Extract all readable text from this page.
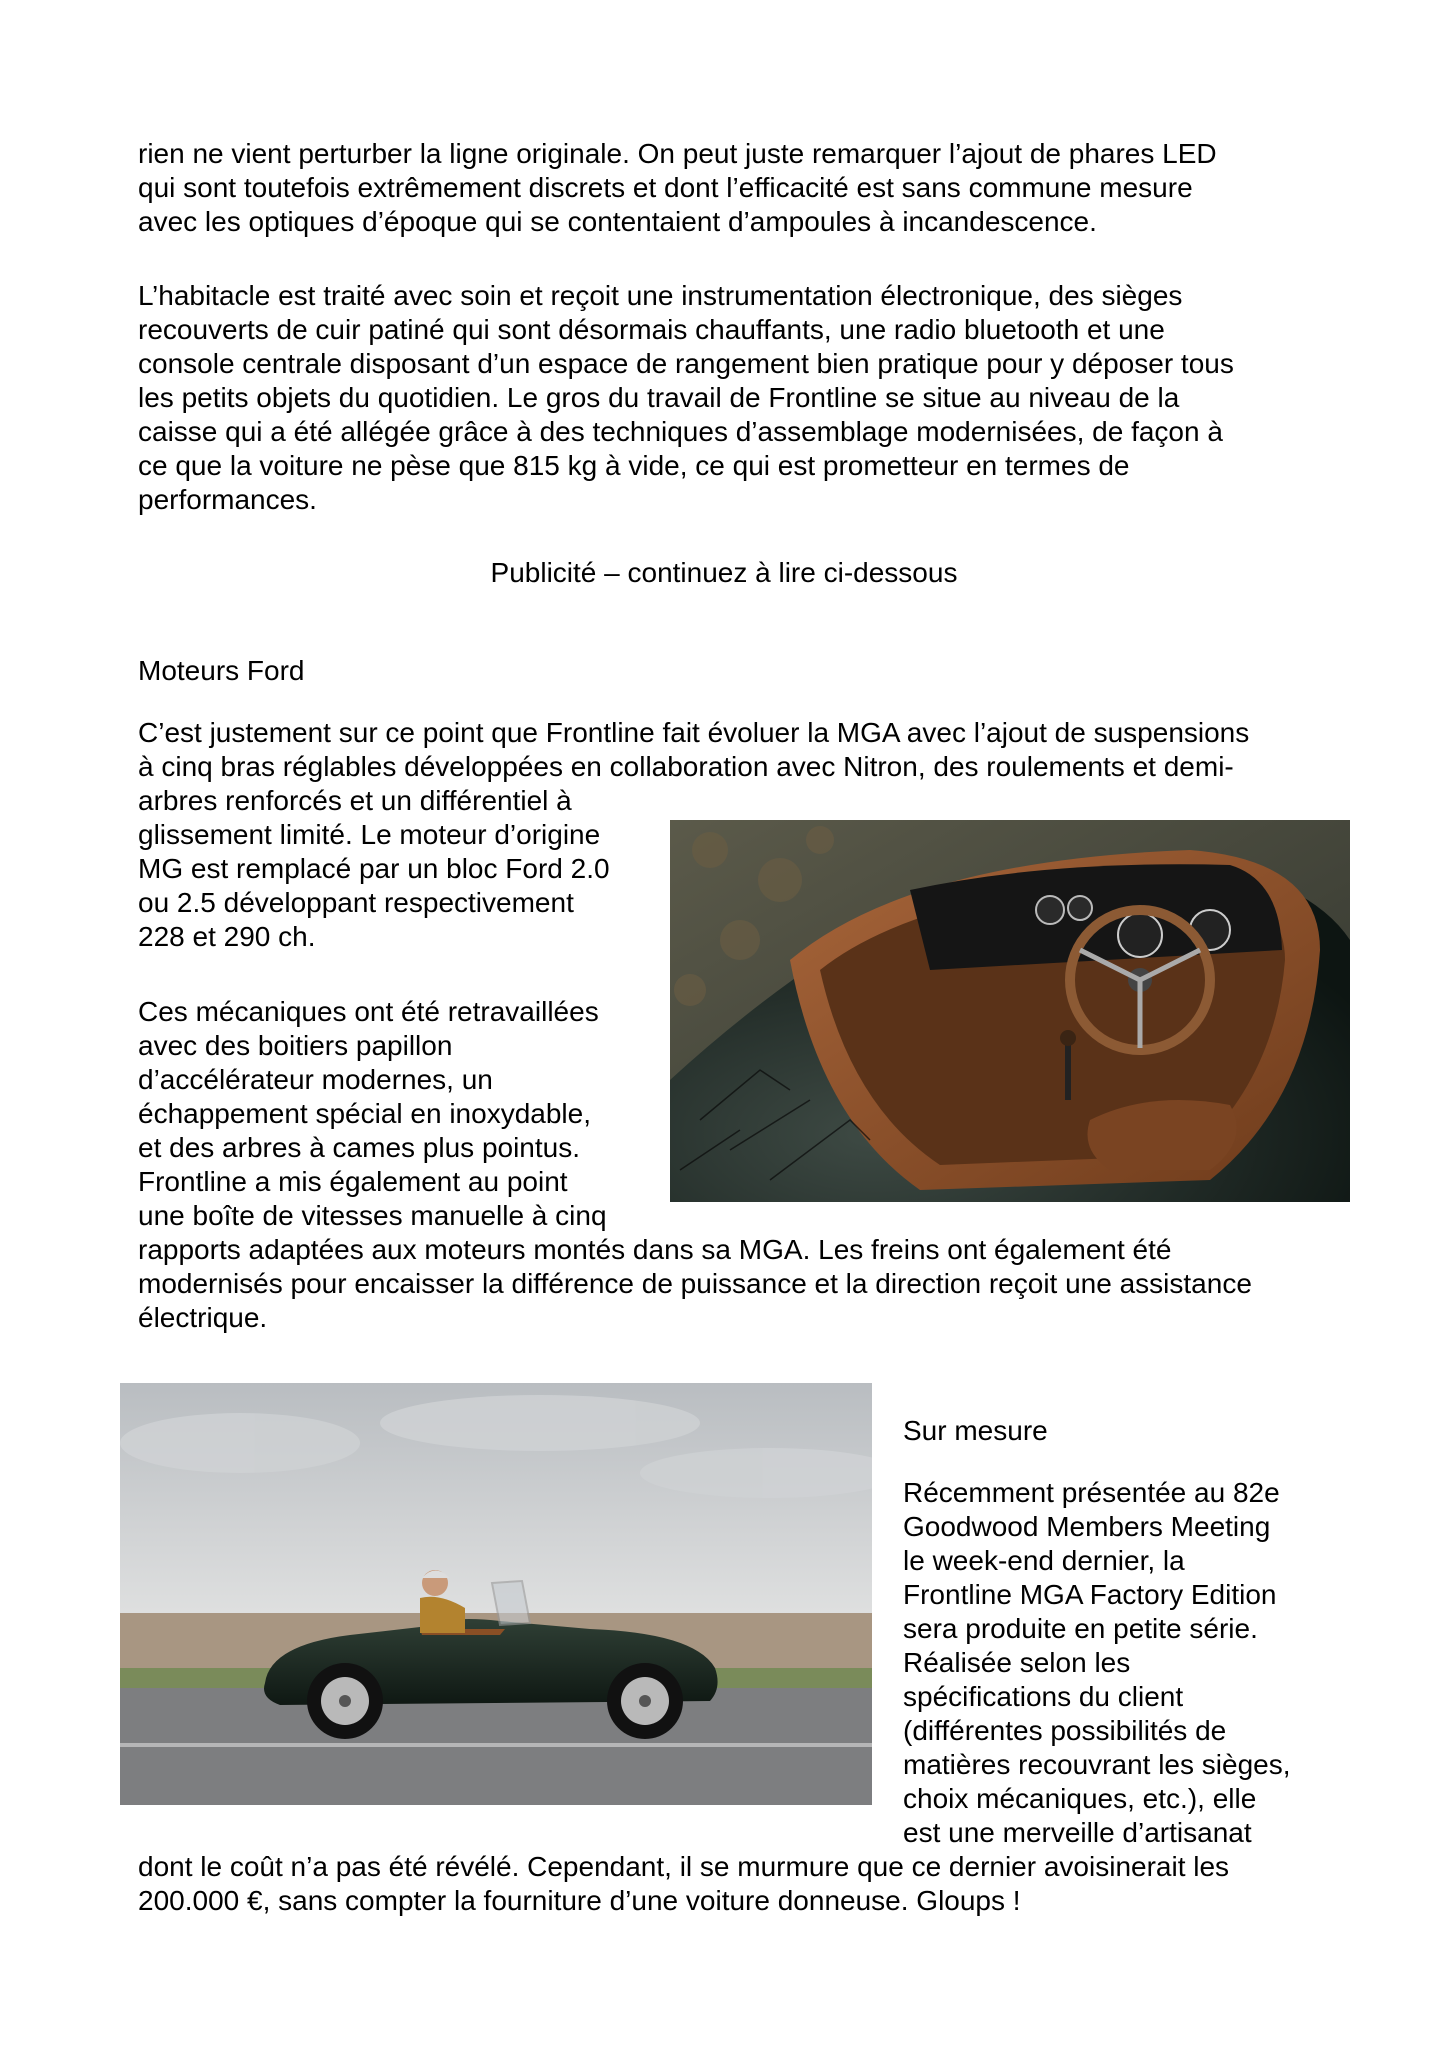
rien ne vient perturber la ligne originale. On peut juste remarquer l’ajout de phares LED
qui sont toutefois extrêmement discrets et dont l’efficacité est sans commune mesure
avec les optiques d’époque qui se contentaient d’ampoules à incandescence.

L’habitacle est traité avec soin et reçoit une instrumentation électronique, des sièges
recouverts de cuir patiné qui sont désormais chauffants, une radio bluetooth et une
console centrale disposant d’un espace de rangement bien pratique pour y déposer tous
les petits objets du quotidien. Le gros du travail de Frontline se situe au niveau de la
caisse qui a été allégée grâce à des techniques d’assemblage modernisées, de façon à
ce que la voiture ne pèse que 815 kg à vide, ce qui est prometteur en termes de
performances.

Publicité – continuez à lire ci-dessous

Moteurs Ford

C’est justement sur ce point que Frontline fait évoluer la MGA avec l’ajout de suspensions
à cinq bras réglables développées en collaboration avec Nitron, des roulements et demi-
arbres renforcés et un différentiel à
glissement limité. Le moteur d’origine
MG est remplacé par un bloc Ford 2.0
ou 2.5 développant respectivement
228 et 290 ch.

Ces mécaniques ont été retravaillées
avec des boitiers papillon
d’accélérateur modernes, un
échappement spécial en inoxydable,
et des arbres à cames plus pointus.
Frontline a mis également au point
une boîte de vitesses manuelle à cinq
rapports adaptées aux moteurs montés dans sa MGA. Les freins ont également été
modernisés pour encaisser la différence de puissance et la direction reçoit une assistance
électrique.

Sur mesure

Récemment présentée au 82e
Goodwood Members Meeting
le week-end dernier, la
Frontline MGA Factory Edition
sera produite en petite série.
Réalisée selon les
spécifications du client
(différentes possibilités de
matières recouvrant les sièges,
choix mécaniques, etc.), elle
est une merveille d’artisanat

dont le coût n’a pas été révélé. Cependant, il se murmure que ce dernier avoisinerait les
200.000 €, sans compter la fourniture d’une voiture donneuse. Gloups !
